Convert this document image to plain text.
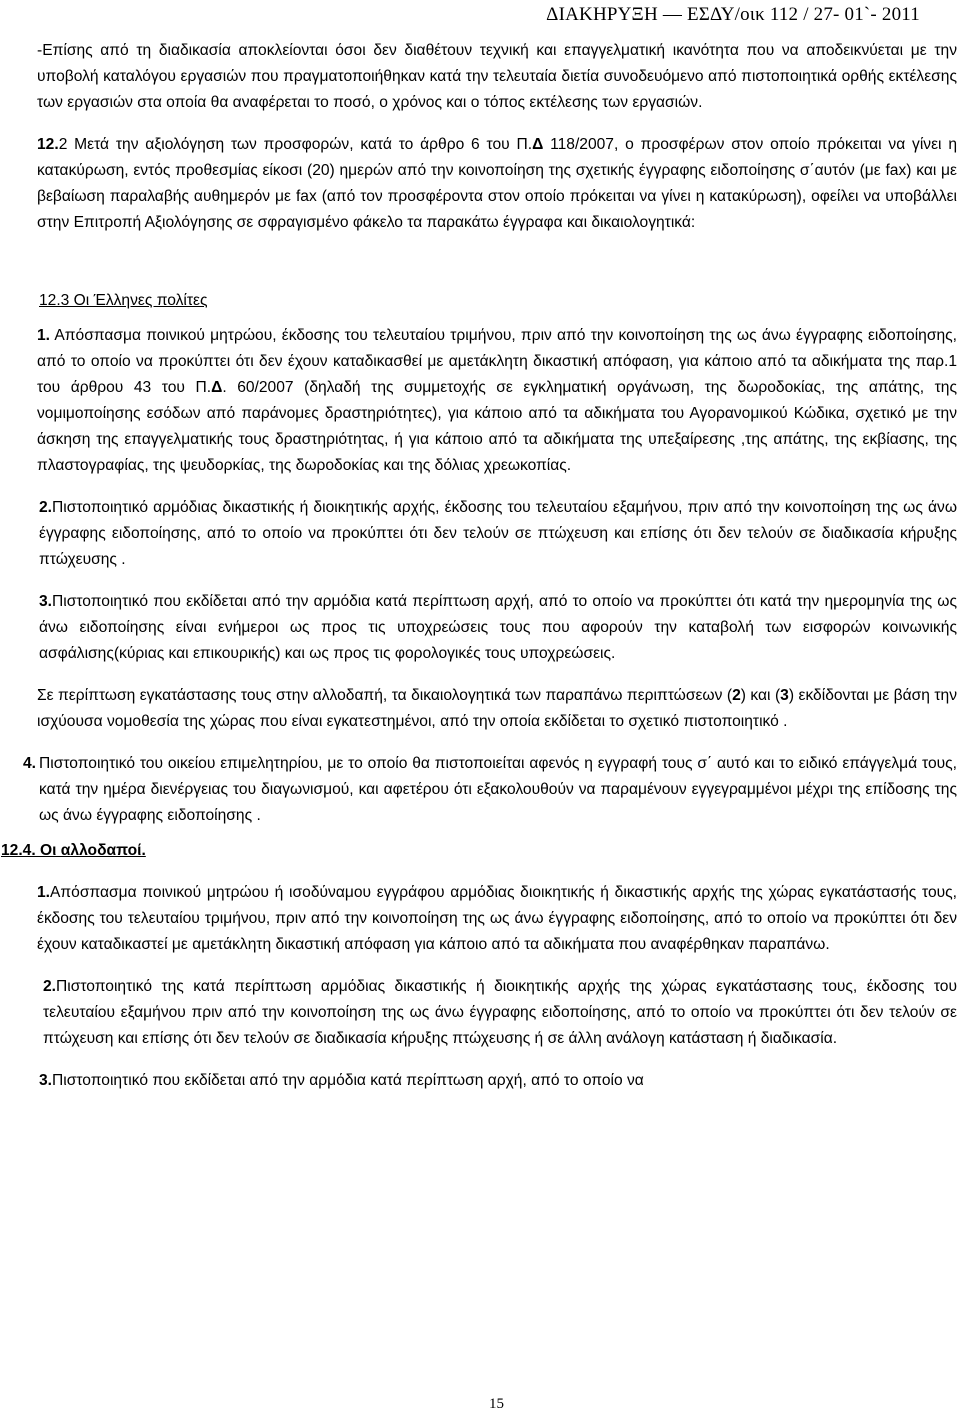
ΔΙΑΚΗΡΥΞΗ — ΕΣΔΥ/οικ 112 / 27- 01`- 2011

-Επίσης από τη διαδικασία αποκλείονται όσοι δεν διαθέτουν τεχνική και επαγγελματική ικανότητα που να αποδεικνύεται με την υποβολή καταλόγου εργασιών που πραγματοποιήθηκαν κατά την τελευταία διετία συνοδευόμενο από πιστοποιητικά ορθής εκτέλεσης των εργασιών στα οποία θα αναφέρεται το ποσό, ο χρόνος και ο τόπος εκτέλεσης των εργασιών.

12.2 Μετά την αξιολόγηση των προσφορών, κατά το άρθρο 6 του Π.Δ 118/2007, ο προσφέρων στον οποίο πρόκειται να γίνει η κατακύρωση, εντός προθεσμίας είκοσι (20) ημερών από την κοινοποίηση της σχετικής έγγραφης ειδοποίησης σ΄αυτόν (με fax) και με βεβαίωση παραλαβής αυθημερόν με fax (από τον προσφέροντα στον οποίο πρόκειται να γίνει η κατακύρωση), οφείλει να υποβάλλει στην Επιτροπή Αξιολόγησης σε σφραγισμένο φάκελο τα παρακάτω έγγραφα και δικαιολογητικά:

12.3 Οι Έλληνες πολίτες

1. Απόσπασμα ποινικού μητρώου, έκδοσης του τελευταίου τριμήνου, πριν από την κοινοποίηση της ως άνω έγγραφης ειδοποίησης, από το οποίο να προκύπτει ότι δεν έχουν καταδικασθεί με αμετάκλητη δικαστική απόφαση, για κάποιο από τα αδικήματα της παρ.1 του άρθρου 43 του Π.Δ. 60/2007 (δηλαδή της συμμετοχής σε εγκληματική οργάνωση, της δωροδοκίας, της απάτης, της νομιμοποίησης εσόδων από παράνομες δραστηριότητες), για κάποιο από τα αδικήματα του Αγορανομικού Κώδικα, σχετικό με την άσκηση της επαγγελματικής τους δραστηριότητας, ή για κάποιο από τα αδικήματα της υπεξαίρεσης ,της απάτης, της εκβίασης, της πλαστογραφίας, της ψευδορκίας, της δωροδοκίας και της δόλιας χρεωκοπίας.

2.Πιστοποιητικό αρμόδιας δικαστικής ή διοικητικής αρχής, έκδοσης του τελευταίου εξαμήνου, πριν από την κοινοποίηση της ως άνω έγγραφης ειδοποίησης, από το οποίο να προκύπτει ότι δεν τελούν σε πτώχευση και επίσης ότι δεν τελούν σε διαδικασία κήρυξης πτώχευσης .

3.Πιστοποιητικό που εκδίδεται από την αρμόδια κατά περίπτωση αρχή, από το οποίο να προκύπτει ότι κατά την ημερομηνία της ως άνω ειδοποίησης είναι ενήμεροι ως προς τις υποχρεώσεις τους που αφορούν την καταβολή των εισφορών κοινωνικής ασφάλισης(κύριας και επικουρικής) και ως προς τις φορολογικές τους υποχρεώσεις.

Σε περίπτωση εγκατάστασης τους στην αλλοδαπή, τα δικαιολογητικά των παραπάνω περιπτώσεων (2) και (3) εκδίδονται με βάση την ισχύουσα νομοθεσία της χώρας που είναι εγκατεστημένοι, από την οποία εκδίδεται το σχετικό πιστοποιητικό .

4. Πιστοποιητικό του οικείου επιμελητηρίου, με το οποίο θα πιστοποιείται αφενός η εγγραφή τους σ΄ αυτό και το ειδικό επάγγελμά τους, κατά την ημέρα διενέργειας του διαγωνισμού, και αφετέρου ότι εξακολουθούν να παραμένουν εγγεγραμμένοι μέχρι της επίδοσης της ως άνω έγγραφης ειδοποίησης .
12.4. Οι αλλοδαποί.

1.Απόσπασμα ποινικού μητρώου ή ισοδύναμου εγγράφου αρμόδιας διοικητικής ή δικαστικής αρχής της χώρας εγκατάστασής τους, έκδοσης του τελευταίου τριμήνου, πριν από την κοινοποίηση της ως άνω έγγραφης ειδοποίησης, από το οποίο να προκύπτει ότι δεν έχουν καταδικαστεί με αμετάκλητη δικαστική απόφαση για κάποιο από τα αδικήματα που αναφέρθηκαν παραπάνω.

2.Πιστοποιητικό της κατά περίπτωση αρμόδιας δικαστικής ή διοικητικής αρχής της χώρας εγκατάστασης τους, έκδοσης του τελευταίου εξαμήνου πριν από την κοινοποίηση της ως άνω έγγραφης ειδοποίησης, από το οποίο να προκύπτει ότι δεν τελούν σε πτώχευση και επίσης ότι δεν τελούν σε διαδικασία κήρυξης πτώχευσης ή σε άλλη ανάλογη κατάσταση ή διαδικασία.

3.Πιστοποιητικό που εκδίδεται από την αρμόδια κατά περίπτωση αρχή, από το οποίο να

15
